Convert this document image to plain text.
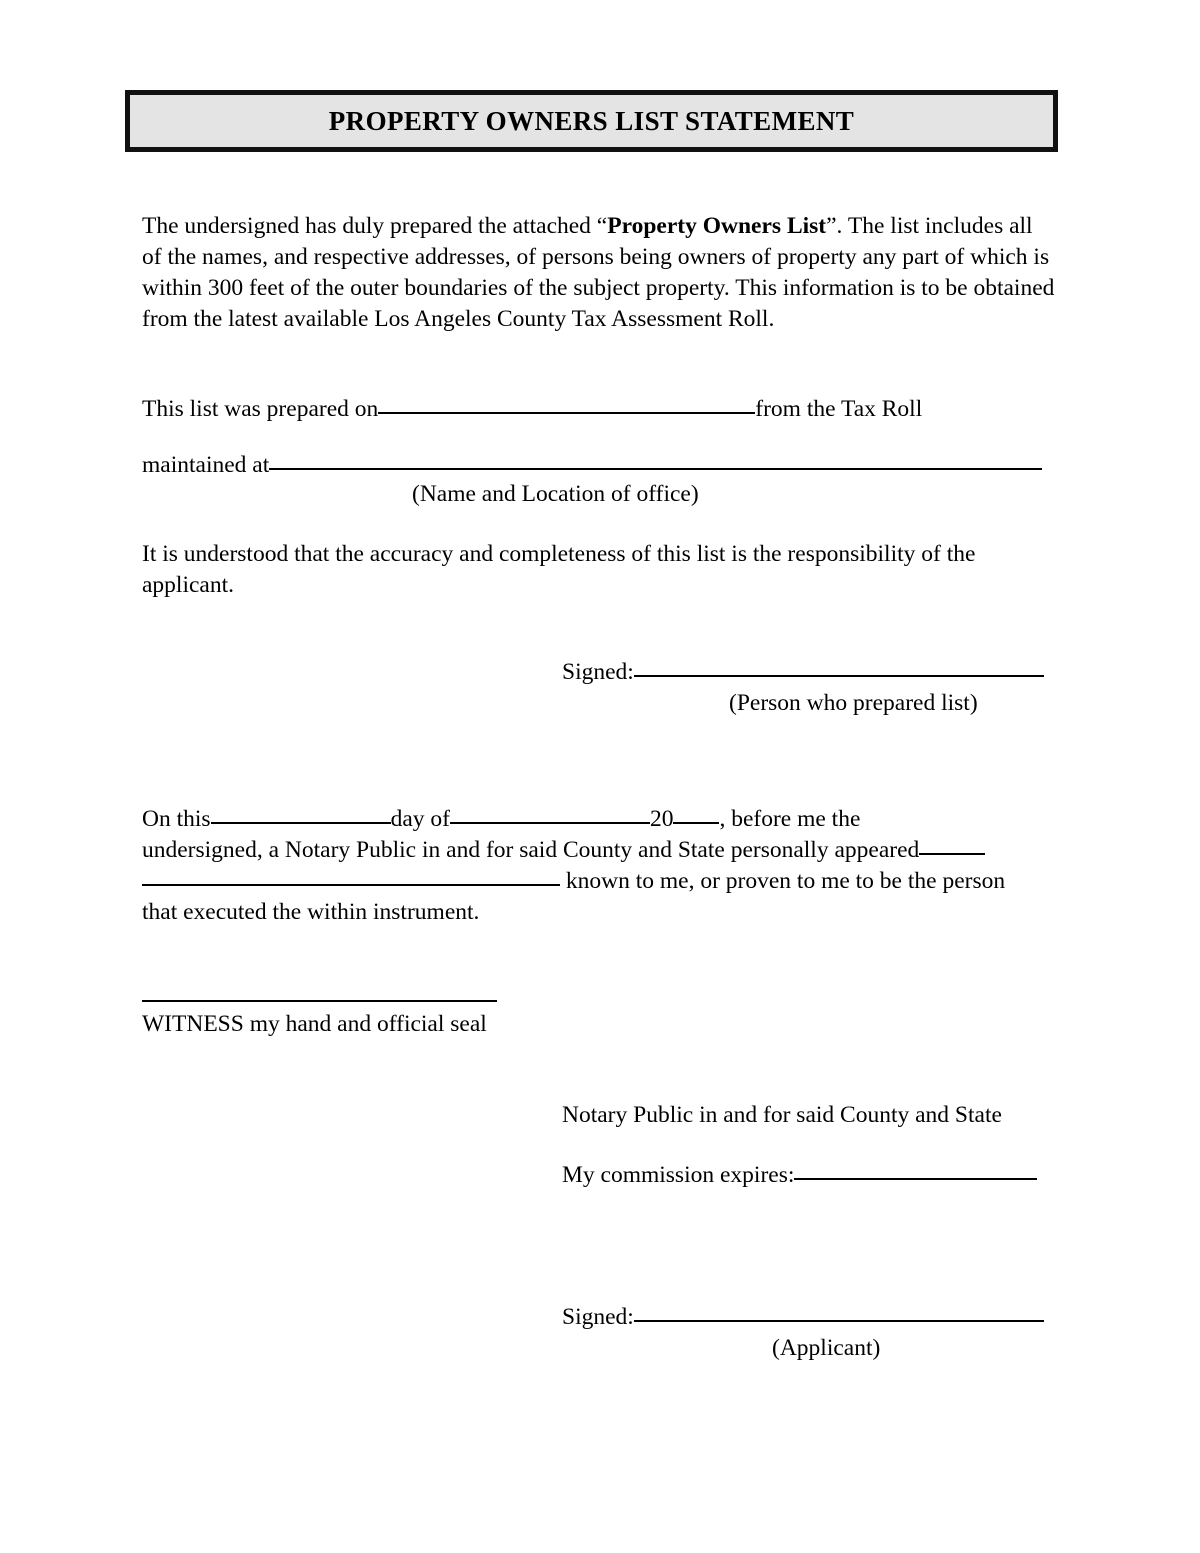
PROPERTY OWNERS LIST STATEMENT

The undersigned has duly prepared the attached “Property Owners List”. The list includes all of the names, and respective addresses, of persons being owners of property any part of which is within 300 feet of the outer boundaries of the subject property. This information is to be obtained from the latest available Los Angeles County Tax Assessment Roll.

This list was prepared on	from the Tax Roll
maintained at
(Name and Location of office)

It is understood that the accuracy and completeness of this list is the responsibility of the applicant.

Signed:
(Person who prepared list)
On this	day of	20 , before me the
undersigned, a Notary Public in and for said County and State personally appeared
known to me, or proven to me to be the person
that executed the within instrument.
WITNESS my hand and official seal
Notary Public in and for said County and State
My commission expires:
Signed:
(Applicant)
